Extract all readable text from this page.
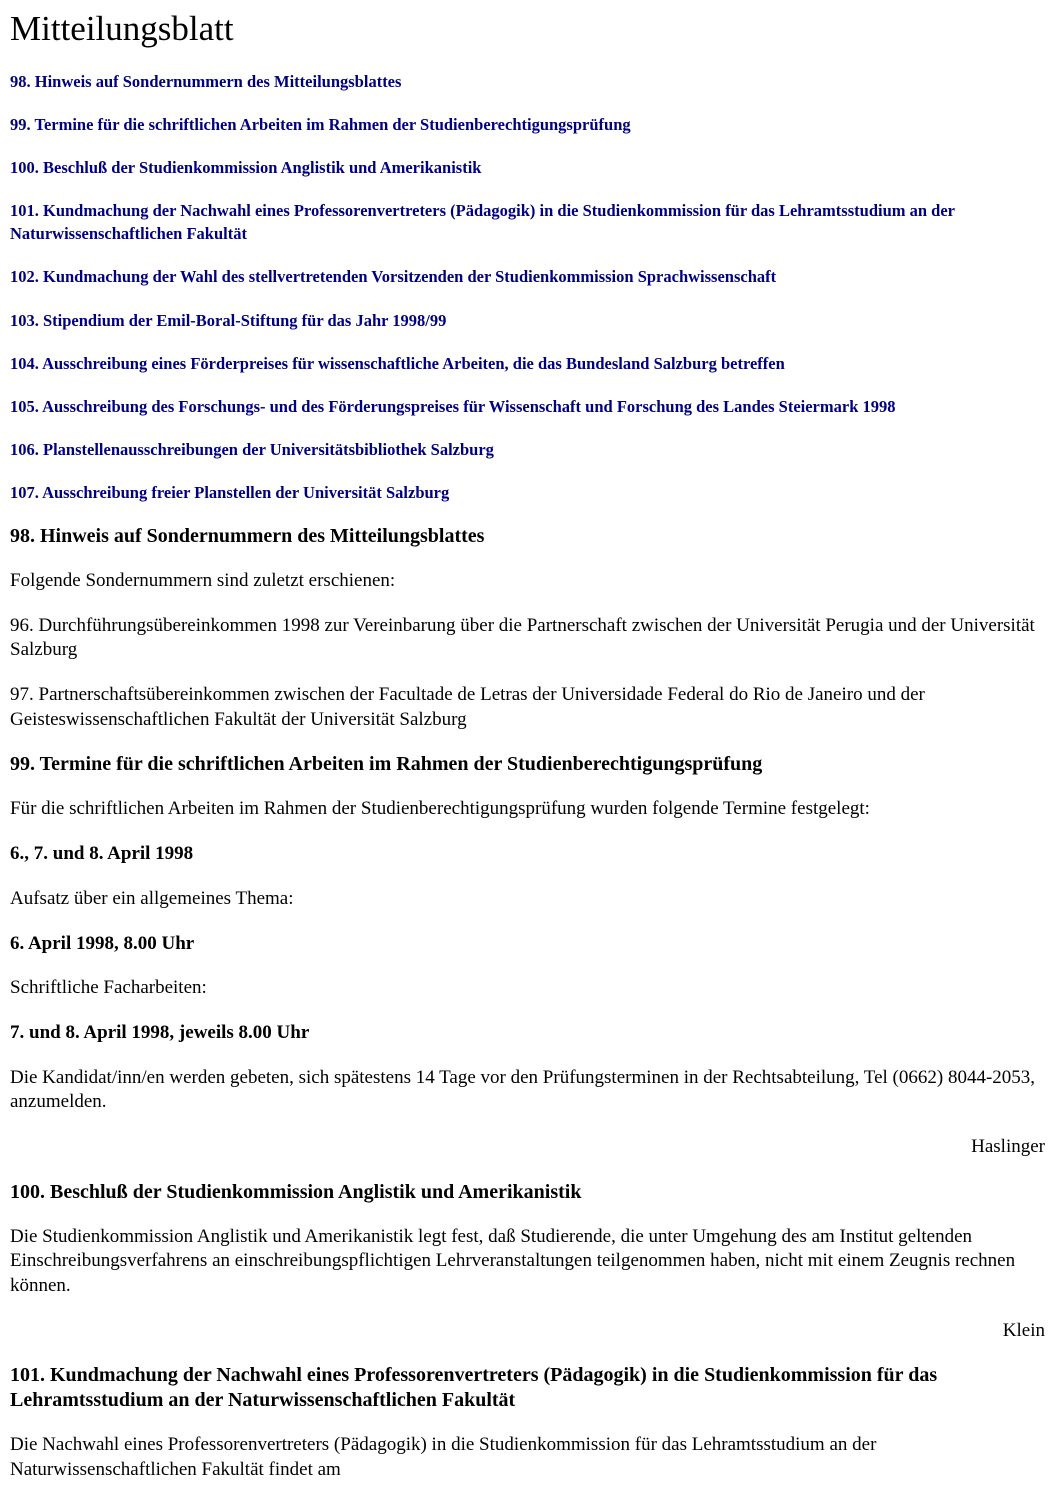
Mitteilungsblatt

98. Hinweis auf Sondernummern des Mitteilungsblattes

99. Termine für die schriftlichen Arbeiten im Rahmen der Studienberechtigungsprüfung

100. Beschluß der Studienkommission Anglistik und Amerikanistik

101. Kundmachung der Nachwahl eines Professorenvertreters (Pädagogik) in die Studienkommission für das Lehramtsstudium an der Naturwissenschaftlichen Fakultät

102. Kundmachung der Wahl des stellvertretenden Vorsitzenden der Studienkommission Sprachwissenschaft

103. Stipendium der Emil-Boral-Stiftung für das Jahr 1998/99

104. Ausschreibung eines Förderpreises für wissenschaftliche Arbeiten, die das Bundesland Salzburg betreffen

105. Ausschreibung des Forschungs- und des Förderungspreises für Wissenschaft und Forschung des Landes Steiermark 1998

106. Planstellenausschreibungen der Universitätsbibliothek Salzburg

107. Ausschreibung freier Planstellen der Universität Salzburg

98. Hinweis auf Sondernummern des Mitteilungsblattes

Folgende Sondernummern sind zuletzt erschienen:

96. Durchführungsübereinkommen 1998 zur Vereinbarung über die Partnerschaft zwischen der Universität Perugia und der Universität Salzburg

97. Partnerschaftsübereinkommen zwischen der Facultade de Letras der Universidade Federal do Rio de Janeiro und der Geisteswissenschaftlichen Fakultät der Universität Salzburg

99. Termine für die schriftlichen Arbeiten im Rahmen der Studienberechtigungsprüfung

Für die schriftlichen Arbeiten im Rahmen der Studienberechtigungsprüfung wurden folgende Termine festgelegt:

6., 7. und 8. April 1998

Aufsatz über ein allgemeines Thema:

6. April 1998, 8.00 Uhr

Schriftliche Facharbeiten:

7. und 8. April 1998, jeweils 8.00 Uhr

Die Kandidat/inn/en werden gebeten, sich spätestens 14 Tage vor den Prüfungsterminen in der Rechtsabteilung, Tel (0662) 8044-2053, anzumelden.

Haslinger

100. Beschluß der Studienkommission Anglistik und Amerikanistik

Die Studienkommission Anglistik und Amerikanistik legt fest, daß Studierende, die unter Umgehung des am Institut geltenden Einschreibungsverfahrens an einschreibungspflichtigen Lehrveranstaltungen teilgenommen haben, nicht mit einem Zeugnis rechnen können.

Klein

101. Kundmachung der Nachwahl eines Professorenvertreters (Pädagogik) in die Studienkommission für das Lehramtsstudium an der Naturwissenschaftlichen Fakultät

Die Nachwahl eines Professorenvertreters (Pädagogik) in die Studienkommission für das Lehramtsstudium an der Naturwissenschaftlichen Fakultät findet am
